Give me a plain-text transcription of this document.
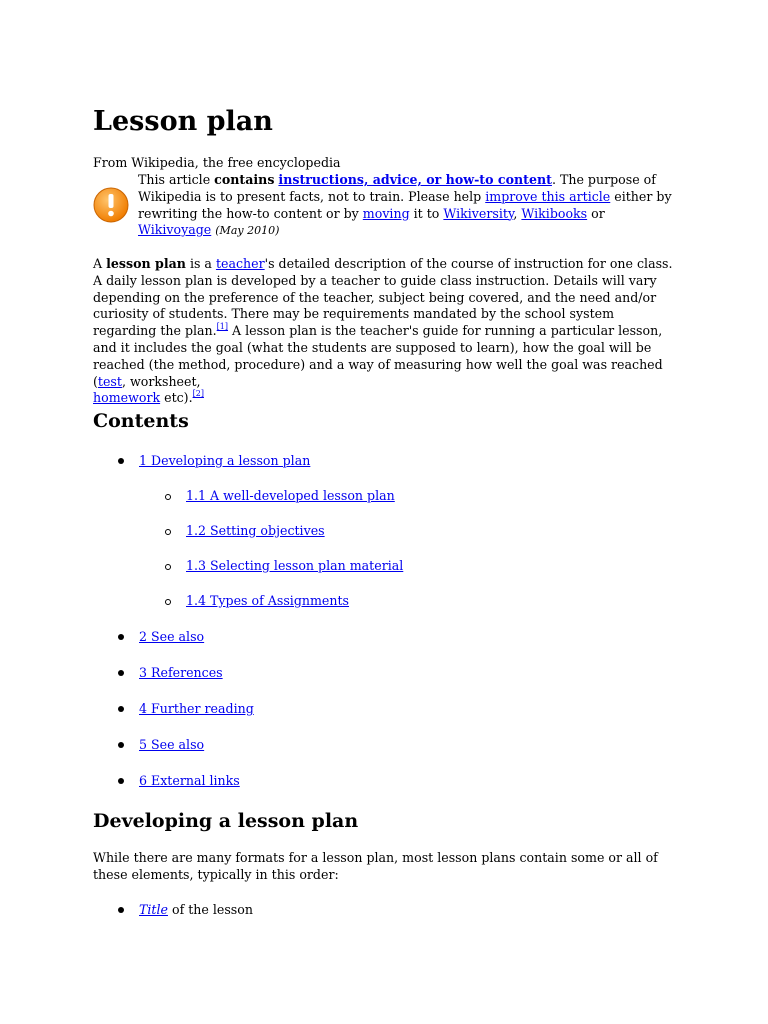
Lesson plan
From Wikipedia, the free encyclopedia
This article contains instructions, advice, or how-to content. The purpose of Wikipedia is to present facts, not to train. Please help improve this article either by rewriting the how-to content or by moving it to Wikiversity, Wikibooks or
Wikivoyage (May 2010)

A lesson plan is a teacher's detailed description of the course of instruction for one class. A daily lesson plan is developed by a teacher to guide class instruction. Details will vary depending on the preference of the teacher, subject being covered, and the need and/or curiosity of students. There may be requirements mandated by the school system regarding the plan.[1] A lesson plan is the teacher's guide for running a particular lesson, and it includes the goal (what the students are supposed to learn), how the goal will be reached (the method, procedure) and a way of measuring how well the goal was reached (test, worksheet,
homework etc).[2]

Contents
1 Developing a lesson plan
1.1 A well-developed lesson plan
1.2 Setting objectives
1.3 Selecting lesson plan material
1.4 Types of Assignments
2 See also
3 References
4 Further reading
5 See also
6 External links
Developing a lesson plan

While there are many formats for a lesson plan, most lesson plans contain some or all of these elements, typically in this order:

Title of the lesson
